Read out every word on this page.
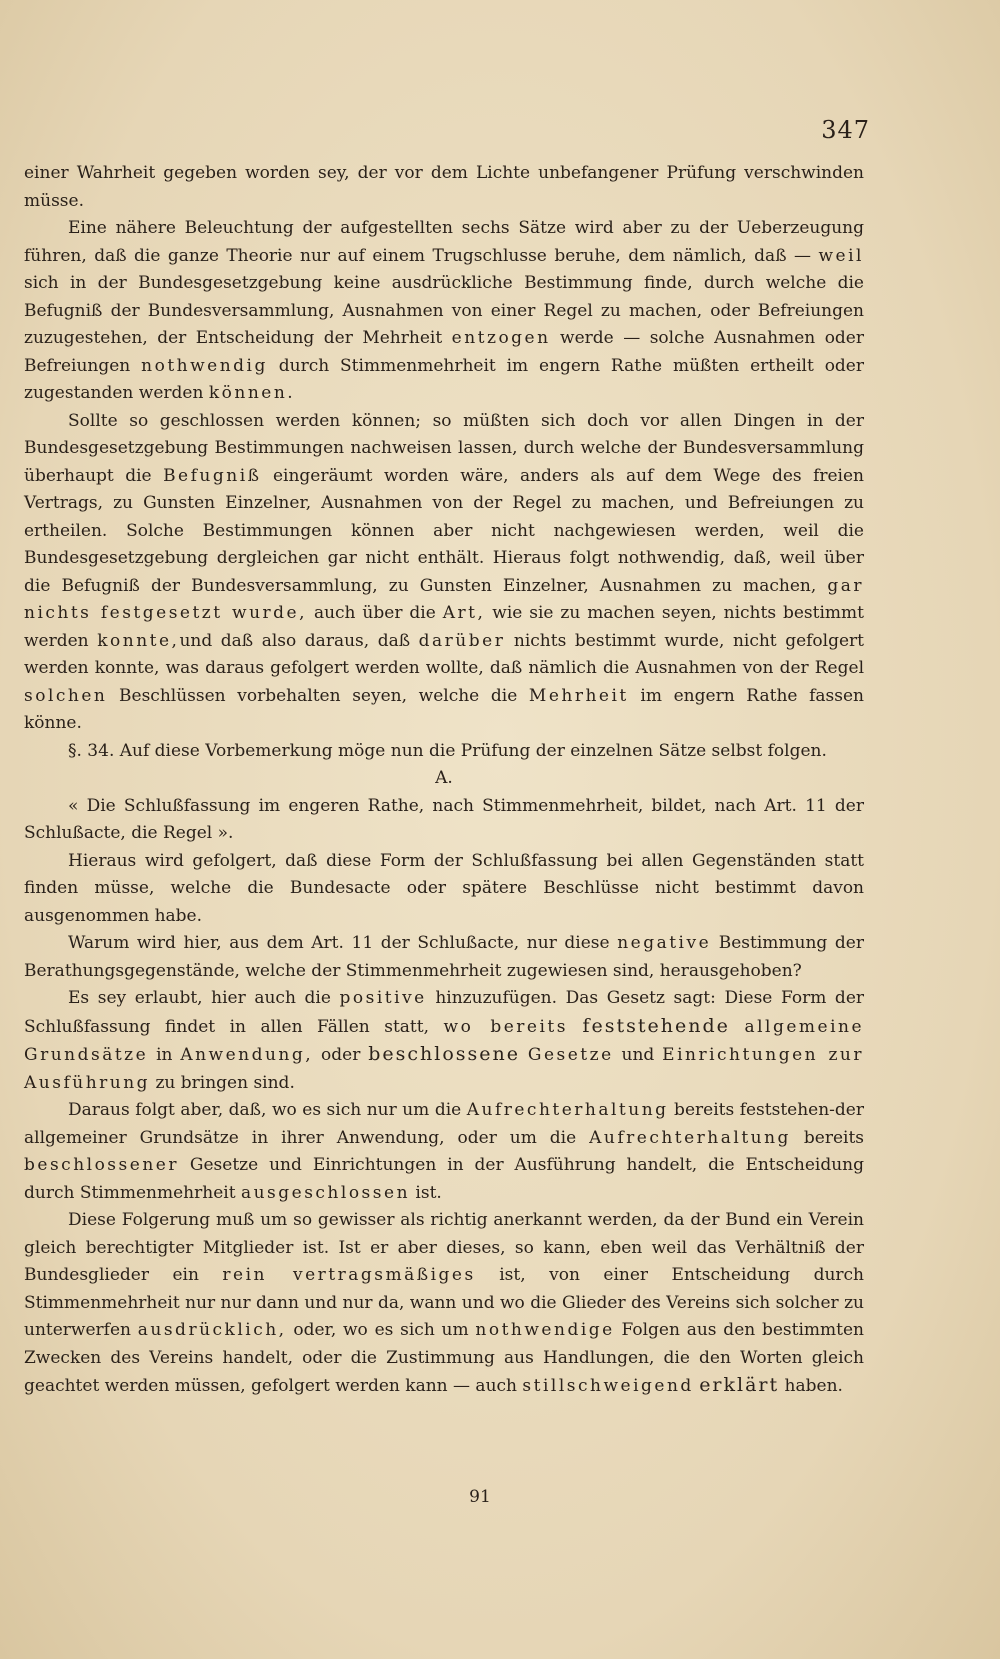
347

einer Wahrheit gegeben worden sey, der vor dem Lichte unbefangener Prüfung verschwinden müsse.

Eine nähere Beleuchtung der aufgestellten sechs Sätze wird aber zu der Ueberzeugung führen, daß die ganze Theorie nur auf einem Trugschlusse beruhe, dem nämlich, daß — weil sich in der Bundesgesetzgebung keine ausdrückliche Bestimmung finde, durch welche die Befugniß der Bundesversammlung, Ausnahmen von einer Regel zu machen, oder Befreiungen zuzugestehen, der Entscheidung der Mehrheit entzogen werde — solche Ausnahmen oder Befreiungen nothwendig durch Stimmenmehrheit im engern Rathe müßten ertheilt oder zugestanden werden können.

Sollte so geschlossen werden können; so müßten sich doch vor allen Dingen in der Bundesgesetzgebung Bestimmungen nachweisen lassen, durch welche der Bundesversammlung überhaupt die Befugniß eingeräumt worden wäre, anders als auf dem Wege des freien Vertrags, zu Gunsten Einzelner, Ausnahmen von der Regel zu machen, und Befreiungen zu ertheilen. Solche Bestimmungen können aber nicht nachgewiesen werden, weil die Bundesgesetzgebung dergleichen gar nicht enthält. Hieraus folgt nothwendig, daß, weil über die Befugniß der Bundesversammlung, zu Gunsten Einzelner, Ausnahmen zu machen, gar nichts festgesetzt wurde, auch über die Art, wie sie zu machen seyen, nichts bestimmt werden konnte,und daß also daraus, daß darüber nichts bestimmt wurde, nicht gefolgert werden konnte, was daraus gefolgert werden wollte, daß nämlich die Ausnahmen von der Regel solchen Beschlüssen vorbehalten seyen, welche die Mehrheit im engern Rathe fassen könne.

§. 34. Auf diese Vorbemerkung möge nun die Prüfung der einzelnen Sätze selbst folgen.

A.

« Die Schlußfassung im engeren Rathe, nach Stimmenmehrheit, bildet, nach Art. 11 der Schlußacte, die Regel ».

Hieraus wird gefolgert, daß diese Form der Schlußfassung bei allen Gegenständen statt finden müsse, welche die Bundesacte oder spätere Beschlüsse nicht bestimmt davon ausgenommen habe.

Warum wird hier, aus dem Art. 11 der Schlußacte, nur diese negative Bestimmung der Berathungsgegenstände, welche der Stimmenmehrheit zugewiesen sind, herausgehoben?

Es sey erlaubt, hier auch die positive hinzuzufügen. Das Gesetz sagt: Diese Form der Schlußfassung findet in allen Fällen statt, wo bereits feststehende allgemeine Grundsätze in Anwendung, oder beschlossene Gesetze und Einrichtungen zur Ausführung zu bringen sind.

Daraus folgt aber, daß, wo es sich nur um die Aufrechterhaltung bereits feststehen-der allgemeiner Grundsätze in ihrer Anwendung, oder um die Aufrechterhaltung bereits beschlossener Gesetze und Einrichtungen in der Ausführung handelt, die Entscheidung durch Stimmenmehrheit ausgeschlossen ist.

Diese Folgerung muß um so gewisser als richtig anerkannt werden, da der Bund ein Verein gleich berechtigter Mitglieder ist. Ist er aber dieses, so kann, eben weil das Verhältniß der Bundesglieder ein rein vertragsmäßiges ist, von einer Entscheidung durch Stimmenmehrheit nur nur dann und nur da, wann und wo die Glieder des Vereins sich solcher zu unterwerfen ausdrücklich, oder, wo es sich um nothwendige Folgen aus den bestimmten Zwecken des Vereins handelt, oder die Zustimmung aus Handlungen, die den Worten gleich geachtet werden müssen, gefolgert werden kann — auch stillschweigend erklärt haben.

91
